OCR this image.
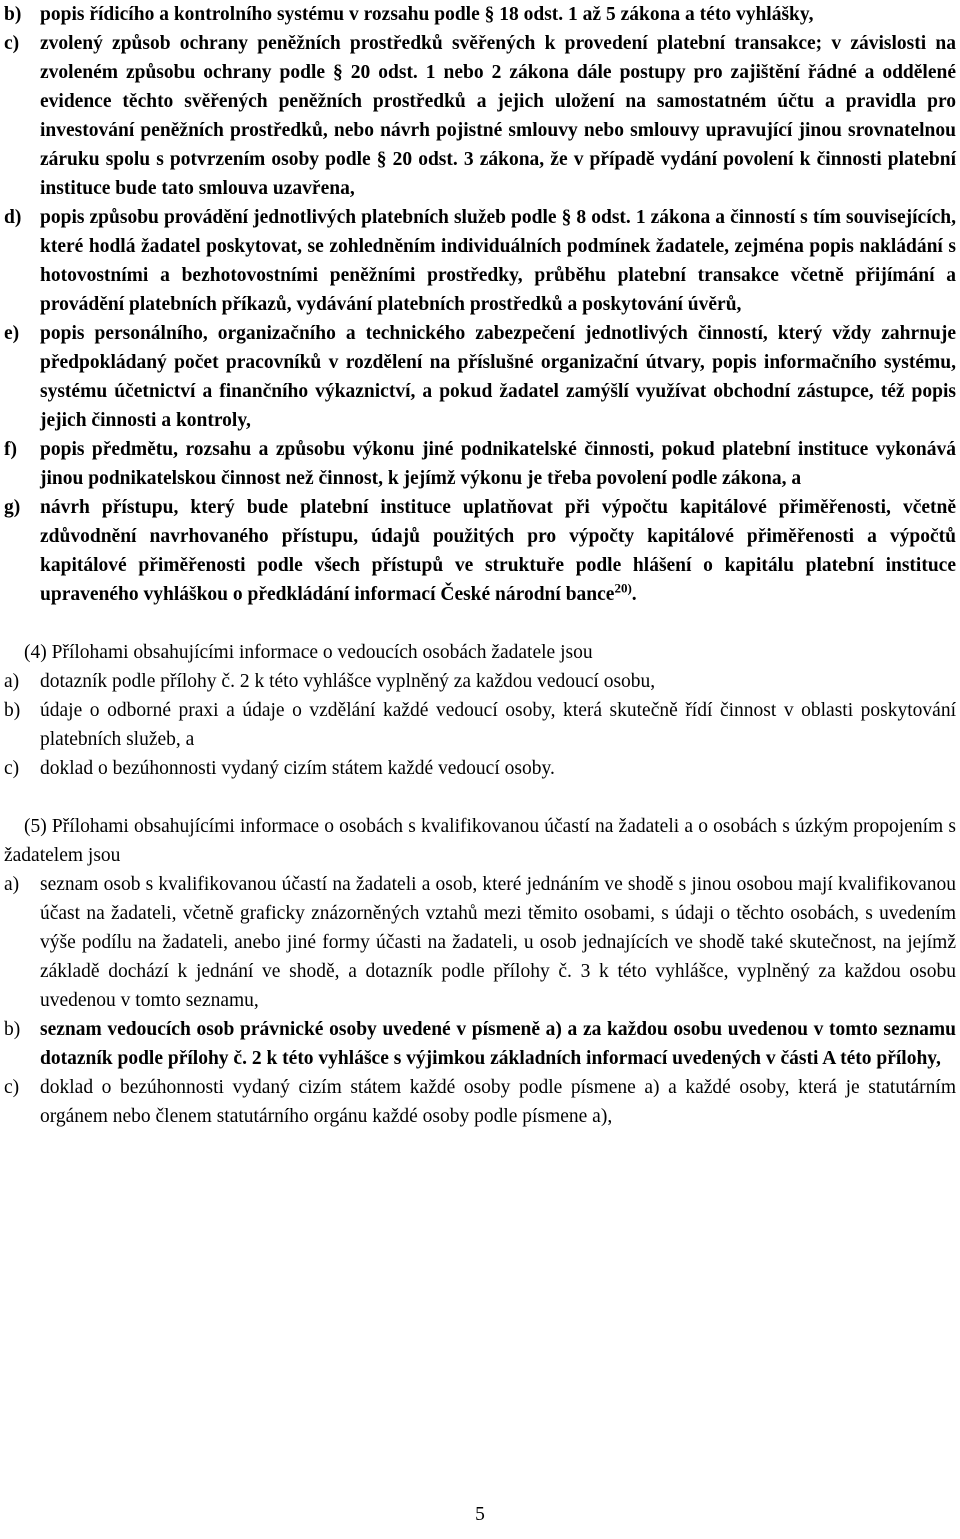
b) popis řídicího a kontrolního systému v rozsahu podle § 18 odst. 1 až 5 zákona a této vyhlášky,
c)	zvolený způsob ochrany peněžních prostředků svěřených k provedení platební transakce; v závislosti na zvoleném způsobu ochrany podle § 20 odst. 1 nebo 2 zákona dále postupy pro zajištění řádné a oddělené evidence těchto svěřených peněžních prostředků a jejich uložení na samostatném účtu a pravidla pro investování peněžních prostředků, nebo návrh pojistné smlouvy nebo smlouvy upravující jinou srovnatelnou záruku spolu s potvrzením osoby podle § 20 odst. 3 zákona, že v případě vydání povolení k činnosti platební instituce bude tato smlouva uzavřena,
d) popis způsobu provádění jednotlivých platebních služeb podle § 8 odst. 1 zákona a činností s tím souvisejících, které hodlá žadatel poskytovat, se zohledněním individuálních podmínek žadatele, zejména popis nakládání s hotovostními a bezhotovostními peněžními prostředky, průběhu platební transakce včetně přijímání a provádění platebních příkazů, vydávání platebních prostředků a poskytování úvěrů,
e)	popis personálního, organizačního a technického zabezpečení jednotlivých činností, který vždy zahrnuje předpokládaný počet pracovníků v rozdělení na příslušné organizační útvary, popis informačního systému, systému účetnictví a finančního výkaznictví, a pokud žadatel zamýšlí využívat obchodní zástupce, též popis jejich činnosti a kontroly,
f)	popis předmětu, rozsahu a způsobu výkonu jiné podnikatelské činnosti, pokud platební instituce vykonává jinou podnikatelskou činnost než činnost, k jejímž výkonu je třeba povolení podle zákona, a
g)	návrh přístupu, který bude platební instituce uplatňovat při výpočtu kapitálové přiměřenosti, včetně zdůvodnění navrhovaného přístupu, údajů použitých pro výpočty kapitálové přiměřenosti a výpočtů kapitálové přiměřenosti podle všech přístupů ve struktuře podle hlášení o kapitálu platební instituce upraveného vyhláškou o předkládání informací České národní bance$^{20)}$.
(4) Přílohami obsahujícími informace o vedoucích osobách žadatele jsou
a)	dotazník podle přílohy č. 2 k této vyhlášce vyplněný za každou vedoucí osobu,
b)	údaje o odborné praxi a údaje o vzdělání každé vedoucí osoby, která skutečně řídí činnost v oblasti poskytování platebních služeb, a
c)	doklad o bezúhonnosti vydaný cizím státem každé vedoucí osoby.
(5) Přílohami obsahujícími informace o osobách s kvalifikovanou účastí na žadateli a o osobách s úzkým propojením s žadatelem jsou
a)	seznam osob s kvalifikovanou účastí na žadateli a osob, které jednáním ve shodě s jinou osobou mají kvalifikovanou účast na žadateli, včetně graficky znázorněných vztahů mezi těmito osobami, s údaji o těchto osobách, s uvedením výše podílu na žadateli, anebo jiné formy účasti na žadateli, u osob jednajících ve shodě také skutečnost, na jejímž základě dochází k jednání ve shodě, a dotazník podle přílohy č. 3 k této vyhlášce, vyplněný za každou osobu uvedenou v tomto seznamu,
b)	seznam vedoucích osob právnické osoby uvedené v písmeně a) a za každou osobu uvedenou v tomto seznamu dotazník podle přílohy č. 2 k této vyhlášce s výjimkou základních informací uvedených v části A této přílohy,
c)	doklad o bezúhonnosti vydaný cizím státem každé osoby podle písmene a) a každé osoby, která je statutárním orgánem nebo členem statutárního orgánu každé osoby podle písmene a),
5
